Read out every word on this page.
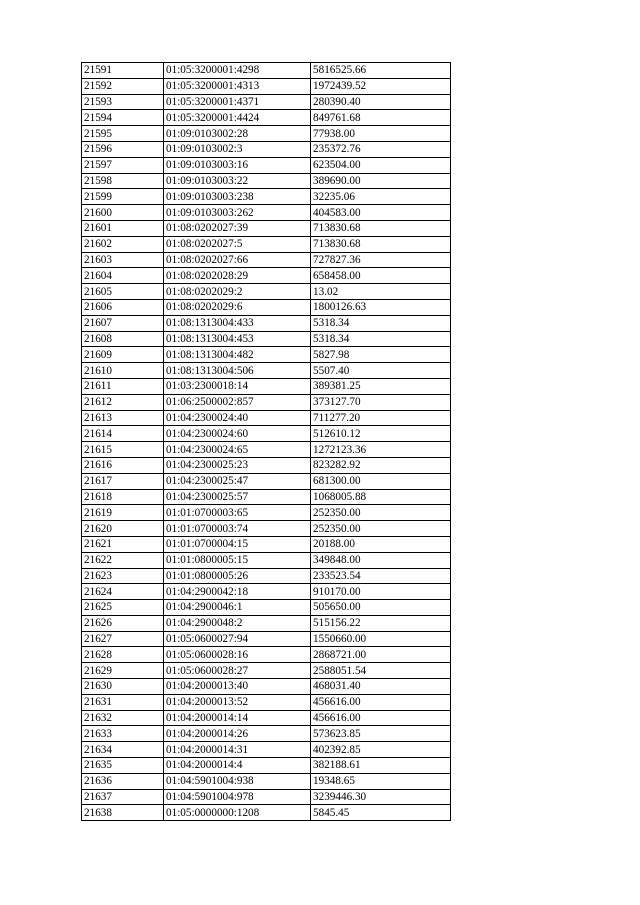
21591	01:05:3200001:4298	5816525.66
21592	01:05:3200001:4313	1972439.52
21593	01:05:3200001:4371	280390.40
21594	01:05:3200001:4424	849761.68
21595	01:09:0103002:28	77938.00
21596	01:09:0103002:3	235372.76
21597	01:09:0103003:16	623504.00
21598	01:09:0103003:22	389690.00
21599	01:09:0103003:238	32235.06
21600	01:09:0103003:262	404583.00
21601	01:08:0202027:39	713830.68
21602	01:08:0202027:5	713830.68
21603	01:08:0202027:66	727827.36
21604	01:08:0202028:29	658458.00
21605	01:08:0202029:2	13.02
21606	01:08:0202029:6	1800126.63
21607	01:08:1313004:433	5318.34
21608	01:08:1313004:453	5318.34
21609	01:08:1313004:482	5827.98
21610	01:08:1313004:506	5507.40
21611	01:03:2300018:14	389381.25
21612	01:06:2500002:857	373127.70
21613	01:04:2300024:40	711277.20
21614	01:04:2300024:60	512610.12
21615	01:04:2300024:65	1272123.36
21616	01:04:2300025:23	823282.92
21617	01:04:2300025:47	681300.00
21618	01:04:2300025:57	1068005.88
21619	01:01:0700003:65	252350.00
21620	01:01:0700003:74	252350.00
21621	01:01:0700004:15	20188.00
21622	01:01:0800005:15	349848.00
21623	01:01:0800005:26	233523.54
21624	01:04:2900042:18	910170.00
21625	01:04:2900046:1	505650.00
21626	01:04:2900048:2	515156.22
21627	01:05:0600027:94	1550660.00
21628	01:05:0600028:16	2868721.00
21629	01:05:0600028:27	2588051.54
21630	01:04:2000013:40	468031.40
21631	01:04:2000013:52	456616.00
21632	01:04:2000014:14	456616.00
21633	01:04:2000014:26	573623.85
21634	01:04:2000014:31	402392.85
21635	01:04:2000014:4	382188.61
21636	01:04:5901004:938	19348.65
21637	01:04:5901004:978	3239446.30
21638	01:05:0000000:1208	5845.45
